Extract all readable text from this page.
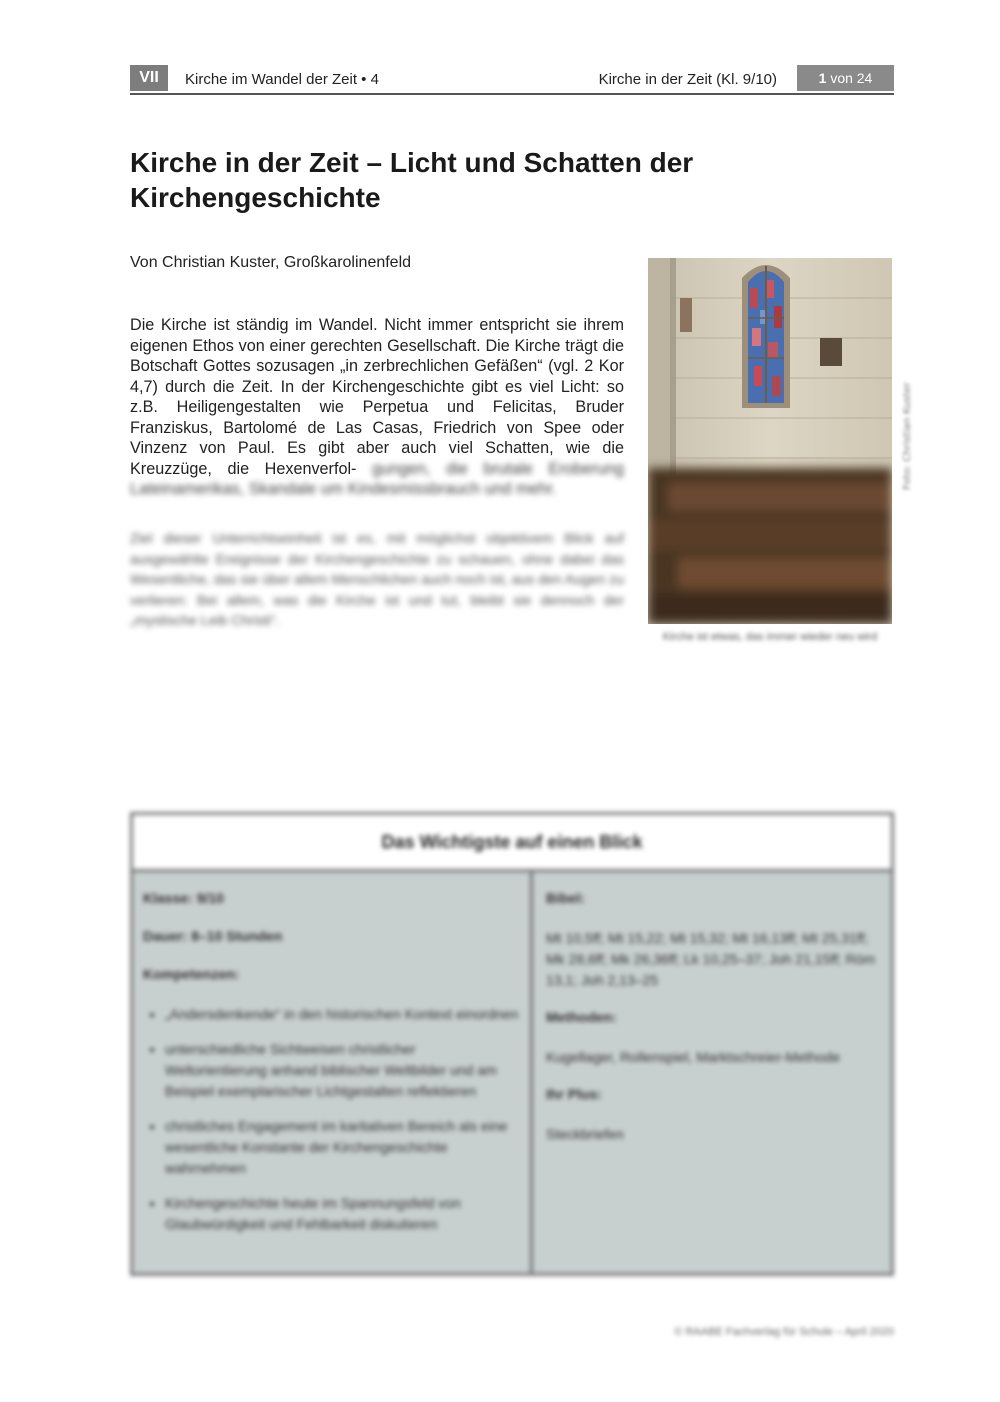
VII	Kirche im Wandel der Zeit • 4	Kirche in der Zeit (Kl. 9/10)	1 von 24
Kirche in der Zeit – Licht und Schatten der Kirchengeschichte
Von Christian Kuster, Großkarolinenfeld

Die Kirche ist ständig im Wandel. Nicht immer entspricht sie ihrem eigenen Ethos von einer gerechten Gesellschaft. Die Kirche trägt die Botschaft Gottes sozusagen „in zerbrechlichen Gefäßen“ (vgl. 2 Kor 4,7) durch die Zeit. In der Kirchengeschichte gibt es viel Licht: so z.B. Heiligengestalten wie Perpetua und Felicitas, Bruder Franziskus, Bartolomé de Las Casas, Friedrich von Spee oder Vinzenz von Paul. Es gibt aber auch viel Schatten, wie die Kreuzzüge, die Hexenverfol- gungen, die brutale Eroberung Lateinamerikas, Skandale um Kindesmissbrauch und mehr.

Ziel dieser Unterrichtseinheit ist es, mit möglichst objektivem Blick auf ausgewählte Ereignisse der Kirchengeschichte zu schauen, ohne dabei das Wesentliche, das sie über allem Menschlichen auch noch ist, aus den Augen zu verlieren: Bei allem, was die Kirche ist und tut, bleibt sie dennoch der „mystische Leib Christi“.

Foto: Christian Kuster
Kirche ist etwas, das immer wieder neu wird
Das Wichtigste auf einen Blick
Klasse: 9/10
Dauer: 8–10 Stunden
Kompetenzen:
• „Andersdenkende“ in den historischen Kontext einordnen
• unterschiedliche Sichtweisen christlicher Weltorientierung anhand biblischer Weltbilder und am Beispiel exemplarischer Lichtgestalten reflektieren
• christliches Engagement im karitativen Bereich als eine wesentliche Konstante der Kirchengeschichte wahrnehmen
• Kirchengeschichte heute im Spannungsfeld von Glaubwürdigkeit und Fehlbarkeit diskutieren
Bibel:

Mt 10,5ff; Mt 15,22; Mt 15,32; Mt 16,13ff; Mt 25,31ff; Mk 28,6ff; Mk 26,36ff; Lk 10,25–37; Joh 21,15ff; Röm 13,1; Joh 2,13–25

Methoden:

Kugellager, Rollenspiel, Marktschreier-Methode

Ihr Plus:

Steckbriefen

© RAABE Fachverlag für Schule – April 2020
